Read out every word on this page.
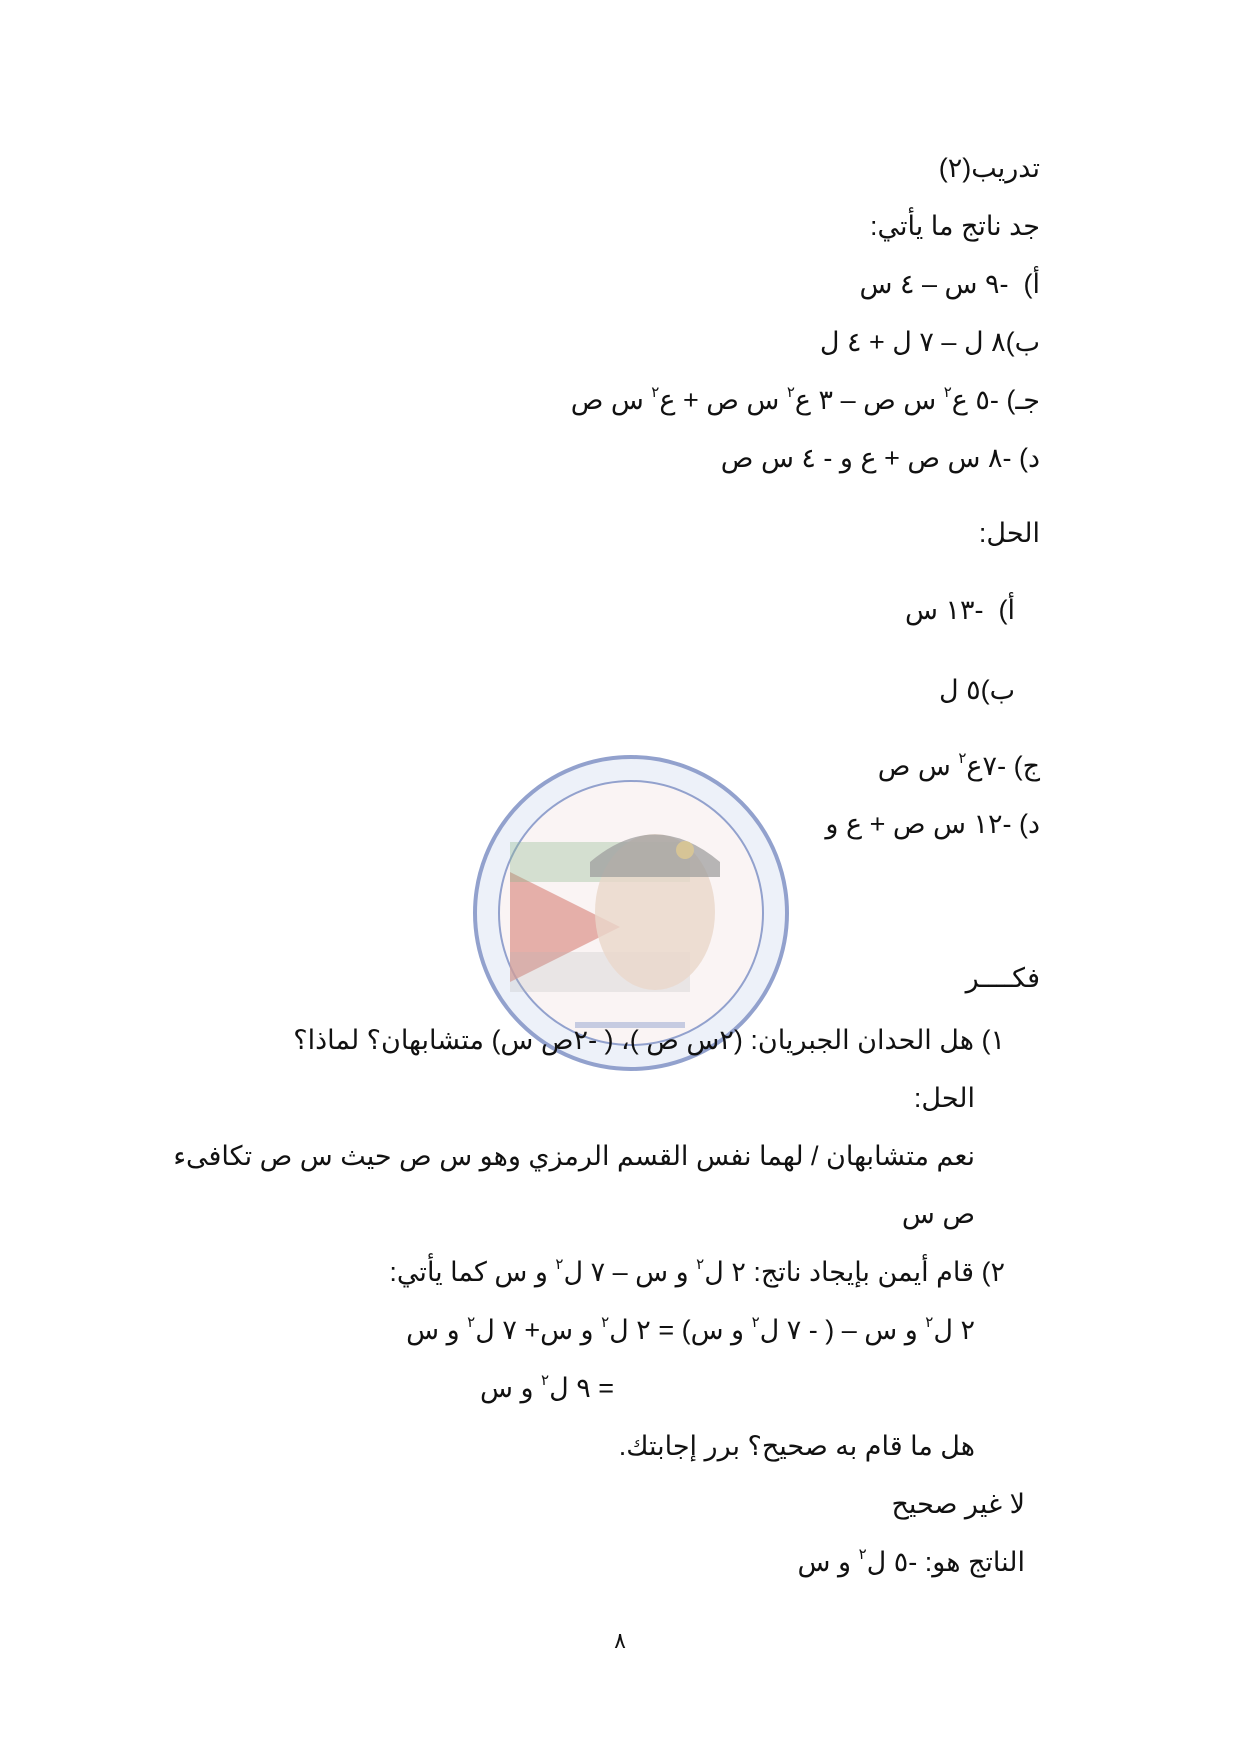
تدريب(٢)
جد ناتج ما يأتي:
أ)  -٩ س – ٤ س
ب)٨ ل – ٧ ل + ٤ ل
جـ) -٥ ع$^٢$ س ص – ٣ ع$^٢$ س ص + ع$^٢$ س ص
د) -٨ س ص + ع و - ٤ س ص
الحل:
أ)  -١٣ س
ب)٥ ل
ج) -٧ع$^٢$ س ص
د) -١٢ س ص + ع و
فكــــر
١) هل الحدان الجبريان: (٢س ص )، ( -٢ص س) متشابهان؟ لماذا؟
الحل:
نعم متشابهان / لهما نفس القسم الرمزي وهو س ص حيث س ص تكافىء
ص س
٢) قام أيمن بإيجاد ناتج: ٢ ل$^٢$ و س – ٧ ل$^٢$ و س كما يأتي:
٢ ل$^٢$ و س – ( - ٧ ل$^٢$ و س) = ٢ ل$^٢$ و س+ ٧ ل$^٢$ و س
= ٩ ل$^٢$ و س
هل ما قام به صحيح؟ برر إجابتك.
لا غير صحيح
الناتج هو: -٥ ل$^٢$ و س
٨
